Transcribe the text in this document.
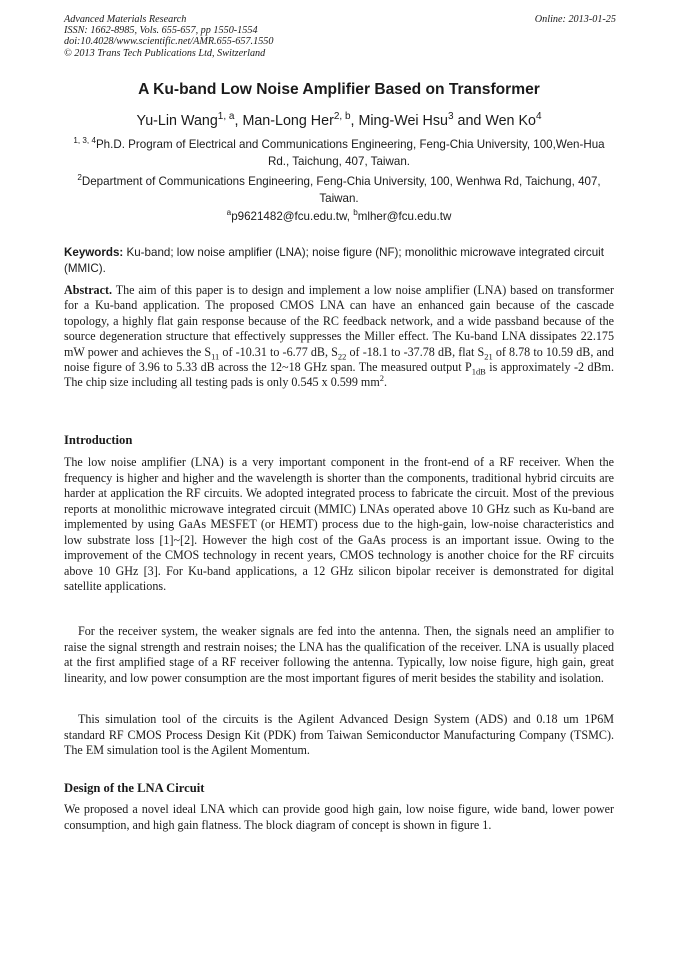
Advanced Materials Research
ISSN: 1662-8985, Vols. 655-657, pp 1550-1554
doi:10.4028/www.scientific.net/AMR.655-657.1550
© 2013 Trans Tech Publications Ltd, Switzerland
Online: 2013-01-25
A Ku-band Low Noise Amplifier Based on Transformer
Yu-Lin Wang$^{1, a}$, Man-Long Her$^{2, b}$, Ming-Wei Hsu$^3$ and Wen Ko$^4$
$^{1, 3, 4}$Ph.D. Program of Electrical and Communications Engineering, Feng-Chia University, 100,Wen-Hua Rd., Taichung, 407, Taiwan.
$^2$Department of Communications Engineering, Feng-Chia University, 100, Wenhwa Rd, Taichung, 407, Taiwan.
$^a$p9621482@fcu.edu.tw, $^b$mlher@fcu.edu.tw
Keywords: Ku-band; low noise amplifier (LNA); noise figure (NF); monolithic microwave integrated circuit (MMIC).
Abstract. The aim of this paper is to design and implement a low noise amplifier (LNA) based on transformer for a Ku-band application. The proposed CMOS LNA can have an enhanced gain because of the cascade topology, a highly flat gain response because of the RC feedback network, and a wide passband because of the source degeneration structure that effectively suppresses the Miller effect. The Ku-band LNA dissipates 22.175 mW power and achieves the $S_{11}$ of -10.31 to -6.77 dB, $S_{22}$ of -18.1 to -37.78 dB, flat $S_{21}$ of 8.78 to 10.59 dB, and noise figure of 3.96 to 5.33 dB across the 12~18 GHz span. The measured output $P_{1dB}$ is approximately -2 dBm. The chip size including all testing pads is only 0.545 x 0.599 $mm^2$.
Introduction
The low noise amplifier (LNA) is a very important component in the front-end of a RF receiver. When the frequency is higher and higher and the wavelength is shorter than the components, traditional hybrid circuits are harder at application the RF circuits. We adopted integrated process to fabricate the circuit. Most of the previous reports at monolithic microwave integrated circuit (MMIC) LNAs operated above 10 GHz such as Ku-band are implemented by using GaAs MESFET (or HEMT) process due to the high-gain, low-noise characteristics and low substrate loss [1]~[2]. However the high cost of the GaAs process is an important issue. Owing to the improvement of the CMOS technology in recent years, CMOS technology is another choice for the RF circuits above 10 GHz [3]. For Ku-band applications, a 12 GHz silicon bipolar receiver is demonstrated for digital satellite applications.
For the receiver system, the weaker signals are fed into the antenna. Then, the signals need an amplifier to raise the signal strength and restrain noises; the LNA has the qualification of the receiver. LNA is usually placed at the first amplified stage of a RF receiver following the antenna. Typically, low noise figure, high gain, great linearity, and low power consumption are the most important figures of merit besides the stability and isolation.
This simulation tool of the circuits is the Agilent Advanced Design System (ADS) and 0.18 um 1P6M standard RF CMOS Process Design Kit (PDK) from Taiwan Semiconductor Manufacturing Company (TSMC). The EM simulation tool is the Agilent Momentum.
Design of the LNA Circuit
We proposed a novel ideal LNA which can provide good high gain, low noise figure, wide band, lower power consumption, and high gain flatness. The block diagram of concept is shown in figure 1.
